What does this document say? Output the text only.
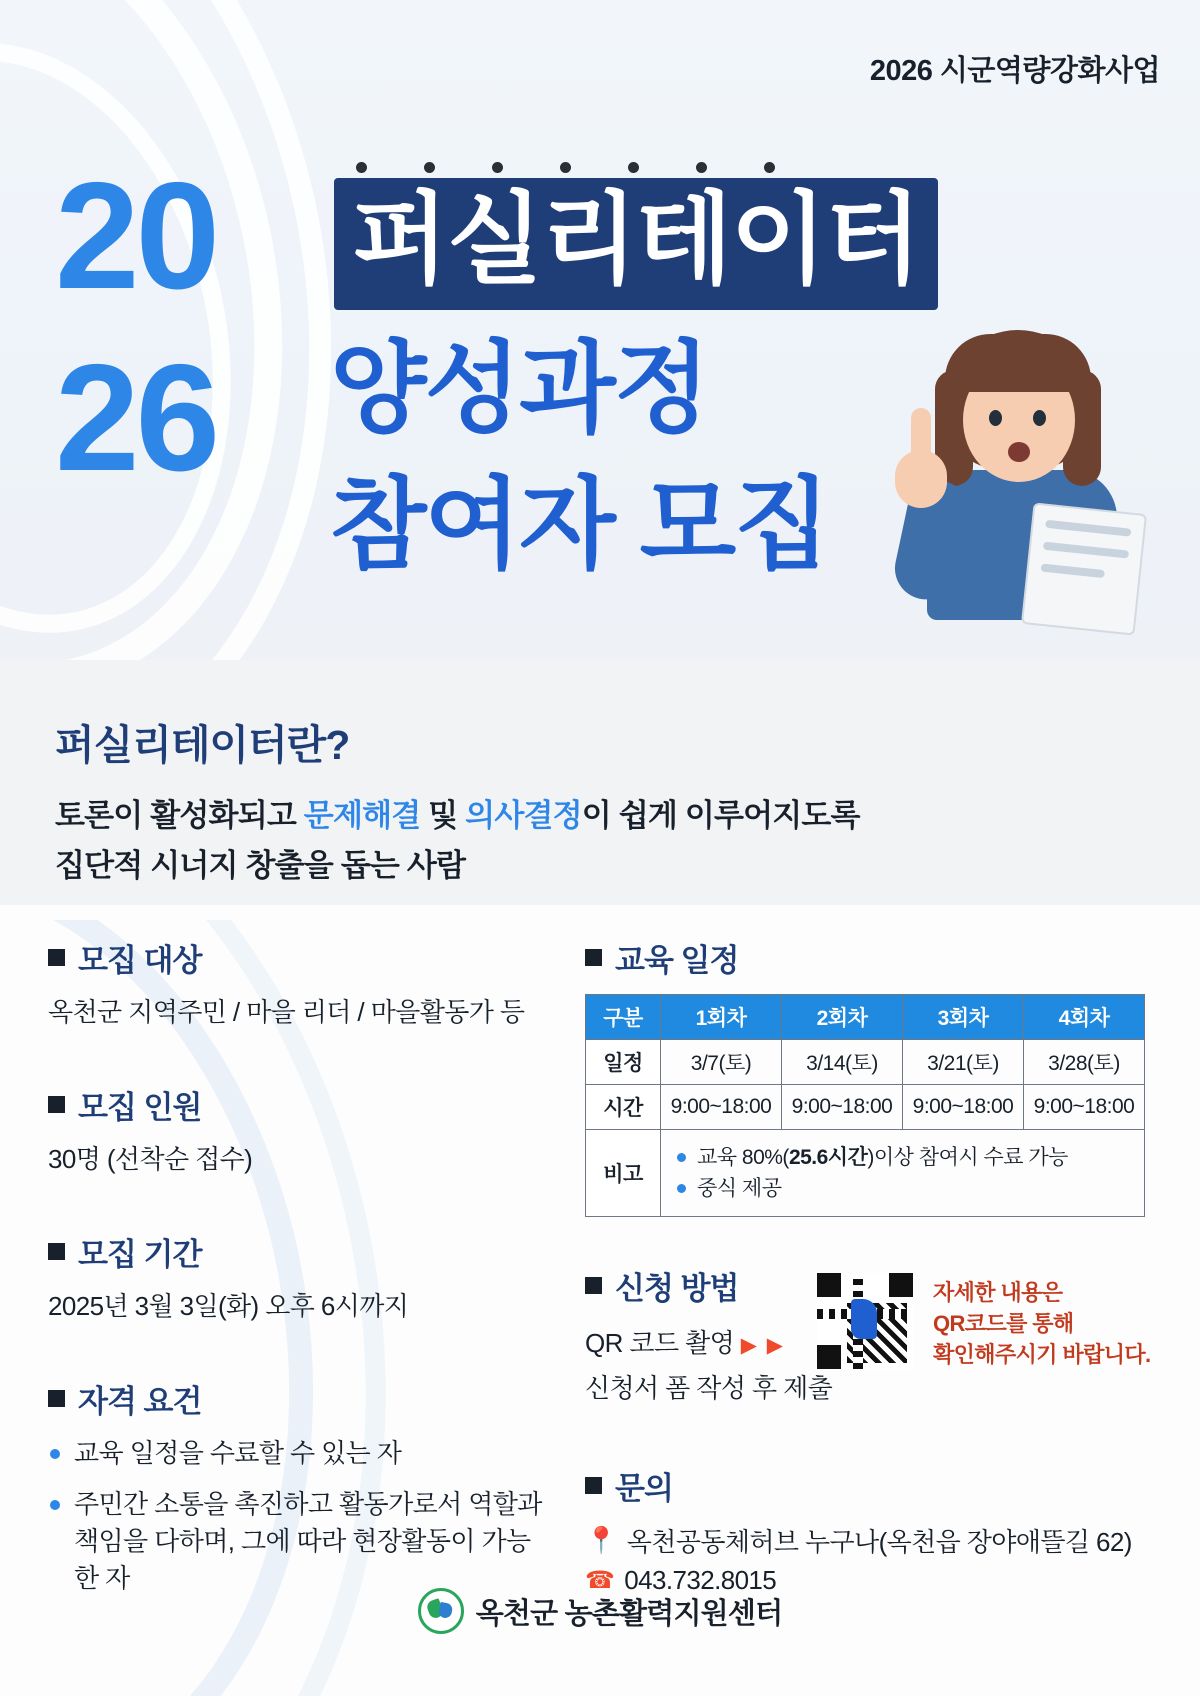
2026 시군역량강화사업
20
26
퍼실리테이터
양성과정
참여자 모집
퍼실리테이터란?
토론이 활성화되고 문제해결 및 의사결정이 쉽게 이루어지도록
집단적 시너지 창출을 돕는 사람
모집 대상
옥천군 지역주민 / 마을 리더 / 마을활동가 등
모집 인원
30명 (선착순 접수)
모집 기간
2025년 3월 3일(화) 오후 6시까지
자격 요건
교육 일정을 수료할 수 있는 자
주민간 소통을 촉진하고 활동가로서 역할과 책임을 다하며, 그에 따라 현장활동이 가능한 자
교육 일정
구분	1회차	2회차	3회차	4회차
일정	3/7(토)	3/14(토)	3/21(토)	3/28(토)
시간	9:00~18:00	9:00~18:00	9:00~18:00	9:00~18:00
비고	
교육 80%(25.6시간)이상 참여시 수료 가능
중식 제공
신청 방법
QR 코드 촬영 ▶ ▶
신청서 폼 작성 후 제출
자세한 내용은
QR코드를 통해
확인해주시기 바랍니다.
문의
📍 옥천공동체허브 누구나(옥천읍 장야애뜰길 62)
☎ 043.732.8015
옥천군 농촌활력지원센터
